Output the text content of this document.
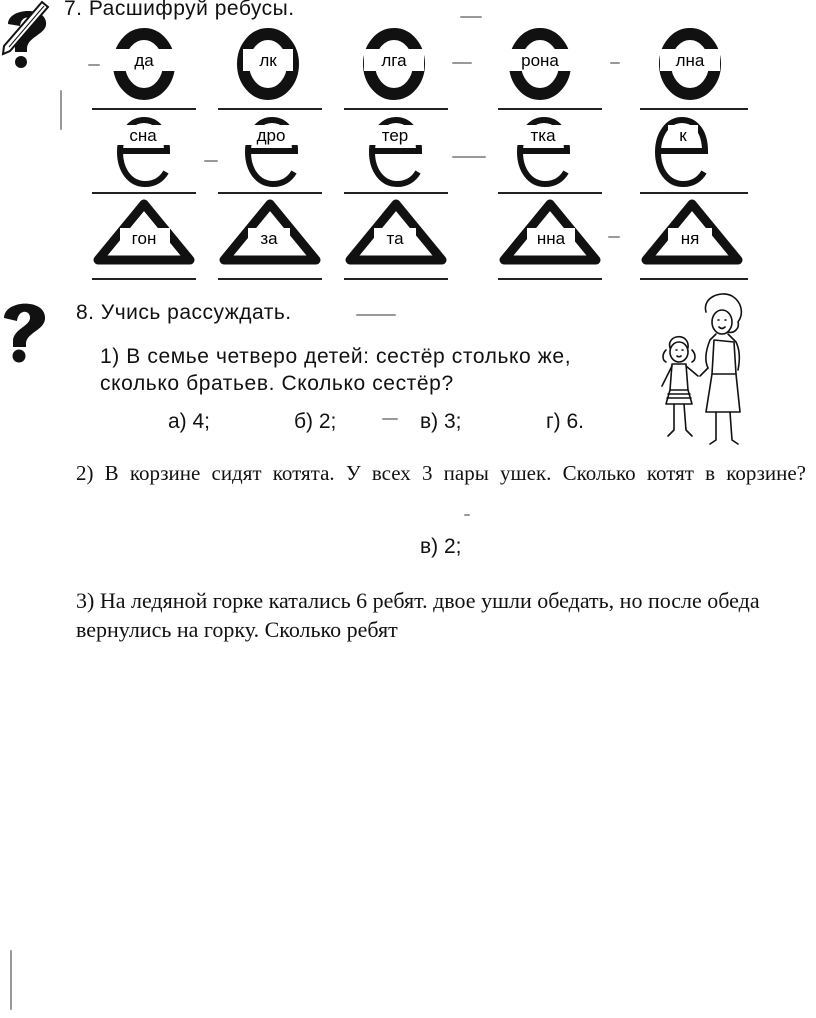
7. Расшифруй ребусы.
да	лк	лга	рона	лна
сна	дро	тер	тка	к
гон	за	та	нна	ня
8. Учись рассуждать.
1) В семье четверо детей: сестёр столько же, сколько братьев. Сколько сестёр?
а) 4;	б) 2;	в) 3;	г) 6.
2) В корзине сидят котята. У всех 3 пары ушек. Сколько котят в корзине?
в) 2;
3) На ледяной горке катались 6 ребят. двое ушли обедать, но после обеда вернулись на горку. Сколько ребят
